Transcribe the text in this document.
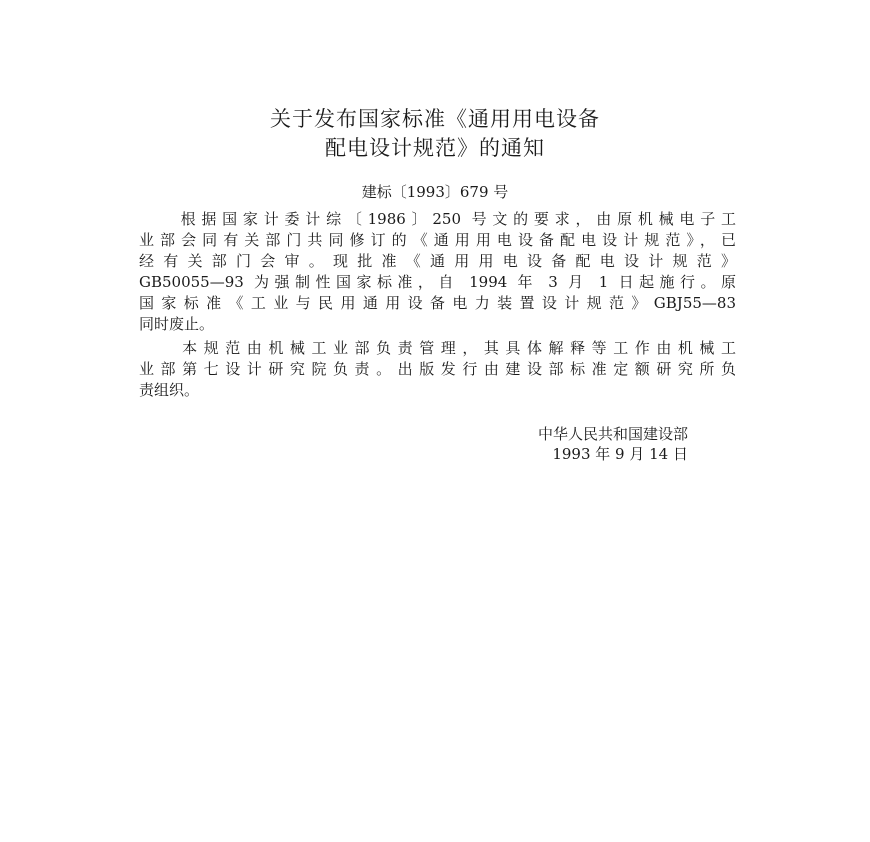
关于发布国家标准《通用用电设备
配电设计规范》的通知
建标〔1993〕679 号
　　根据国家计委计综〔1986〕250 号文的要求，由原机械电子工
业部会同有关部门共同修订的《通用用电设备配电设计规范》，已
经有关部门会审。现批准《通用用电设备配电设计规范》
GB50055—93 为强制性国家标准，自 1994 年 3 月 1 日起施行。原
国家标准《工业与民用通用设备电力装置设计规范》GBJ55—83
同时废止。
　　本规范由机械工业部负责管理，其具体解释等工作由机械工
业部第七设计研究院负责。出版发行由建设部标准定额研究所负
责组织。
中华人民共和国建设部
1993 年 9 月 14 日
